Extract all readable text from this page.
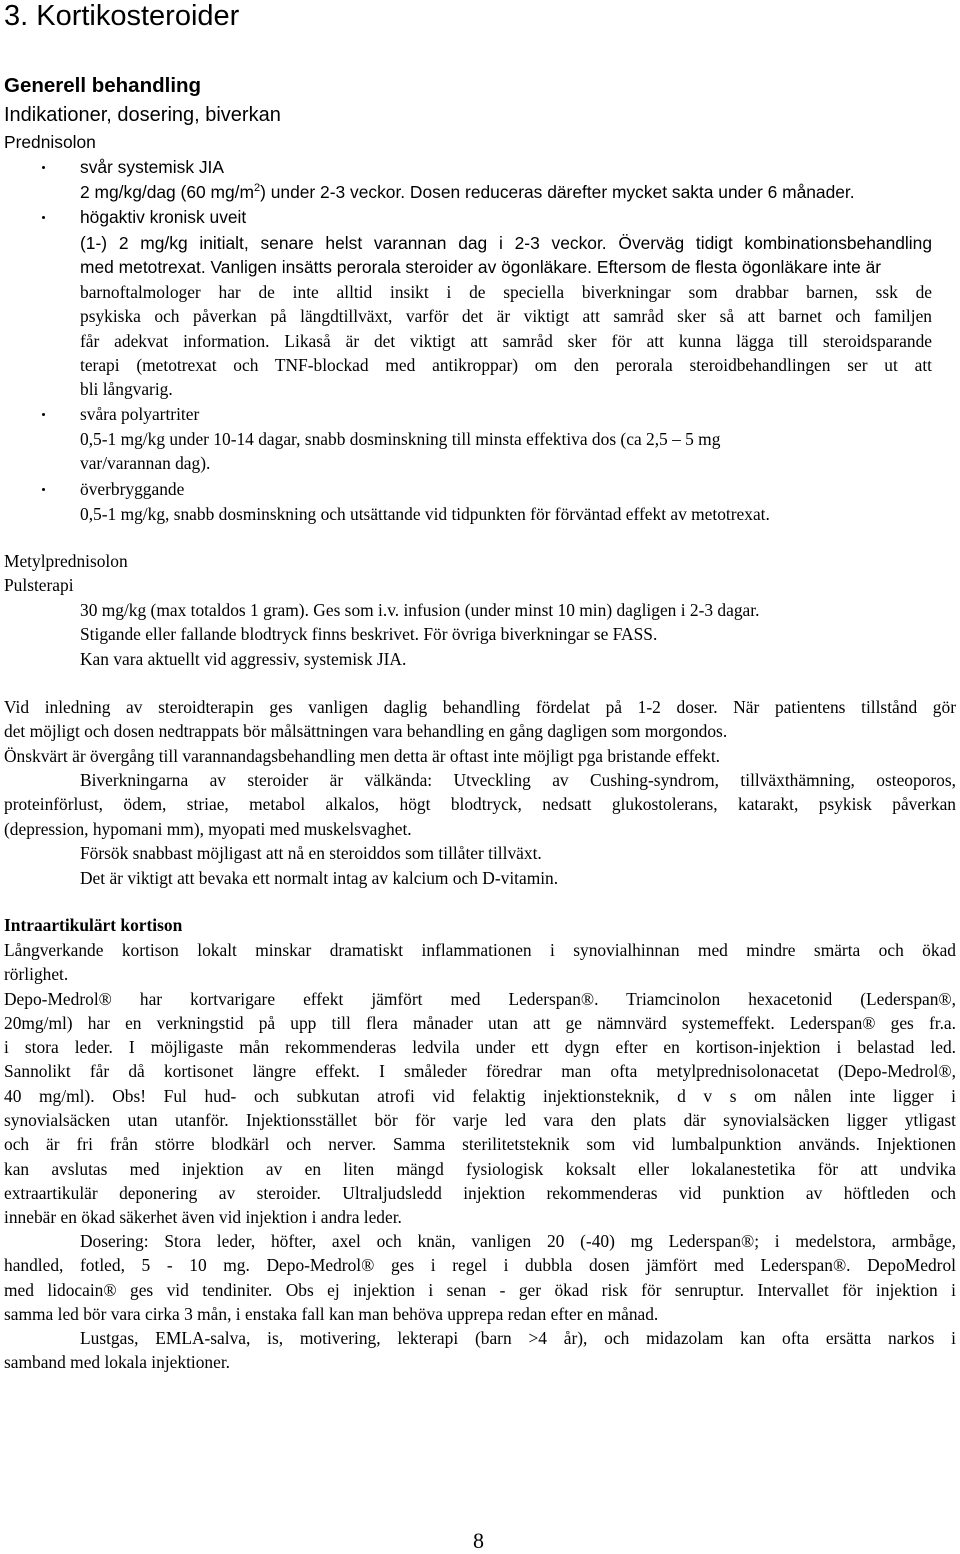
3. Kortikosteroider
Generell behandling
Indikationer, dosering, biverkan
Prednisolon
svår systemisk JIA
2 mg/kg/dag (60 $mg/m^2$) under 2-3 veckor. Dosen reduceras därefter mycket sakta under 6 månader.
högaktiv kronisk uveit
(1-) 2 mg/kg initialt, senare helst varannan dag i 2-3 veckor. Överväg tidigt kombinationsbehandling
med metotrexat. Vanligen insätts perorala steroider av ögonläkare. Eftersom de flesta ögonläkare inte är
barnoftalmologer har de inte alltid insikt i de speciella biverkningar som drabbar barnen, ssk de
psykiska och påverkan på längdtillväxt, varför det är viktigt att samråd sker så att barnet och familjen
får adekvat information. Likaså är det viktigt att samråd sker för att kunna lägga till steroidsparande
terapi (metotrexat och TNF-blockad med antikroppar) om den perorala steroidbehandlingen ser ut att
bli långvarig.
svåra polyartriter
0,5-1 mg/kg under 10-14 dagar, snabb dosminskning till minsta effektiva dos (ca 2,5 – 5 mg
var/varannan dag).
överbryggande
0,5-1 mg/kg, snabb dosminskning och utsättande vid tidpunkten för förväntad effekt av metotrexat.
Metylprednisolon
Pulsterapi
30 mg/kg (max totaldos 1 gram). Ges som i.v. infusion (under minst 10 min) dagligen i 2-3 dagar.
Stigande eller fallande blodtryck finns beskrivet. För övriga biverkningar se FASS.
Kan vara aktuellt vid aggressiv, systemisk JIA.
Vid inledning av steroidterapin ges vanligen daglig behandling fördelat på 1-2 doser. När patientens tillstånd gör
det möjligt och dosen nedtrappats bör målsättningen vara behandling en gång dagligen som morgondos.
Önskvärt är övergång till varannandagsbehandling men detta är oftast inte möjligt pga bristande effekt.
Biverkningarna av steroider är välkända: Utveckling av Cushing-syndrom, tillväxthämning, osteoporos,
proteinförlust, ödem, striae, metabol alkalos, högt blodtryck, nedsatt glukostolerans, katarakt, psykisk påverkan
(depression, hypomani mm), myopati med muskelsvaghet.
Försök snabbast möjligast att nå en steroiddos som tillåter tillväxt.
Det är viktigt att bevaka ett normalt intag av kalcium och D-vitamin.
Intraartikulärt kortison
Långverkande kortison lokalt minskar dramatiskt inflammationen i synovialhinnan med mindre smärta och ökad
rörlighet.
Depo-Medrol® har kortvarigare effekt jämfört med Lederspan®. Triamcinolon hexacetonid (Lederspan®,
20mg/ml) har en verkningstid på upp till flera månader utan att ge nämnvärd systemeffekt. Lederspan® ges fr.a.
i stora leder. I möjligaste mån rekommenderas ledvila under ett dygn efter en kortison-injektion i belastad led.
Sannolikt får då kortisonet längre effekt. I småleder föredrar man ofta metylprednisolonacetat (Depo-Medrol®,
40 mg/ml). Obs! Ful hud- och subkutan atrofi vid felaktig injektionsteknik, d v s om nålen inte ligger i
synovialsäcken utan utanför. Injektionsstället bör för varje led vara den plats där synovialsäcken ligger ytligast
och är fri från större blodkärl och nerver. Samma sterilitetsteknik som vid lumbalpunktion används. Injektionen
kan avslutas med injektion av en liten mängd fysiologisk koksalt eller lokalanestetika för att undvika
extraartikulär deponering av steroider. Ultraljudsledd injektion rekommenderas vid punktion av höftleden och
innebär en ökad säkerhet även vid injektion i andra leder.
Dosering: Stora leder, höfter, axel och knän, vanligen 20 (-40) mg Lederspan®; i medelstora, armbåge,
handled, fotled, 5 - 10 mg. Depo-Medrol® ges i regel i dubbla dosen jämfört med Lederspan®. DepoMedrol
med lidocain® ges vid tendiniter. Obs ej injektion i senan - ger ökad risk för senruptur. Intervallet för injektion i
samma led bör vara cirka 3 mån, i enstaka fall kan man behöva upprepa redan efter en månad.
Lustgas, EMLA-salva, is, motivering, lekterapi (barn >4 år), och midazolam kan ofta ersätta narkos i
samband med lokala injektioner.
8
